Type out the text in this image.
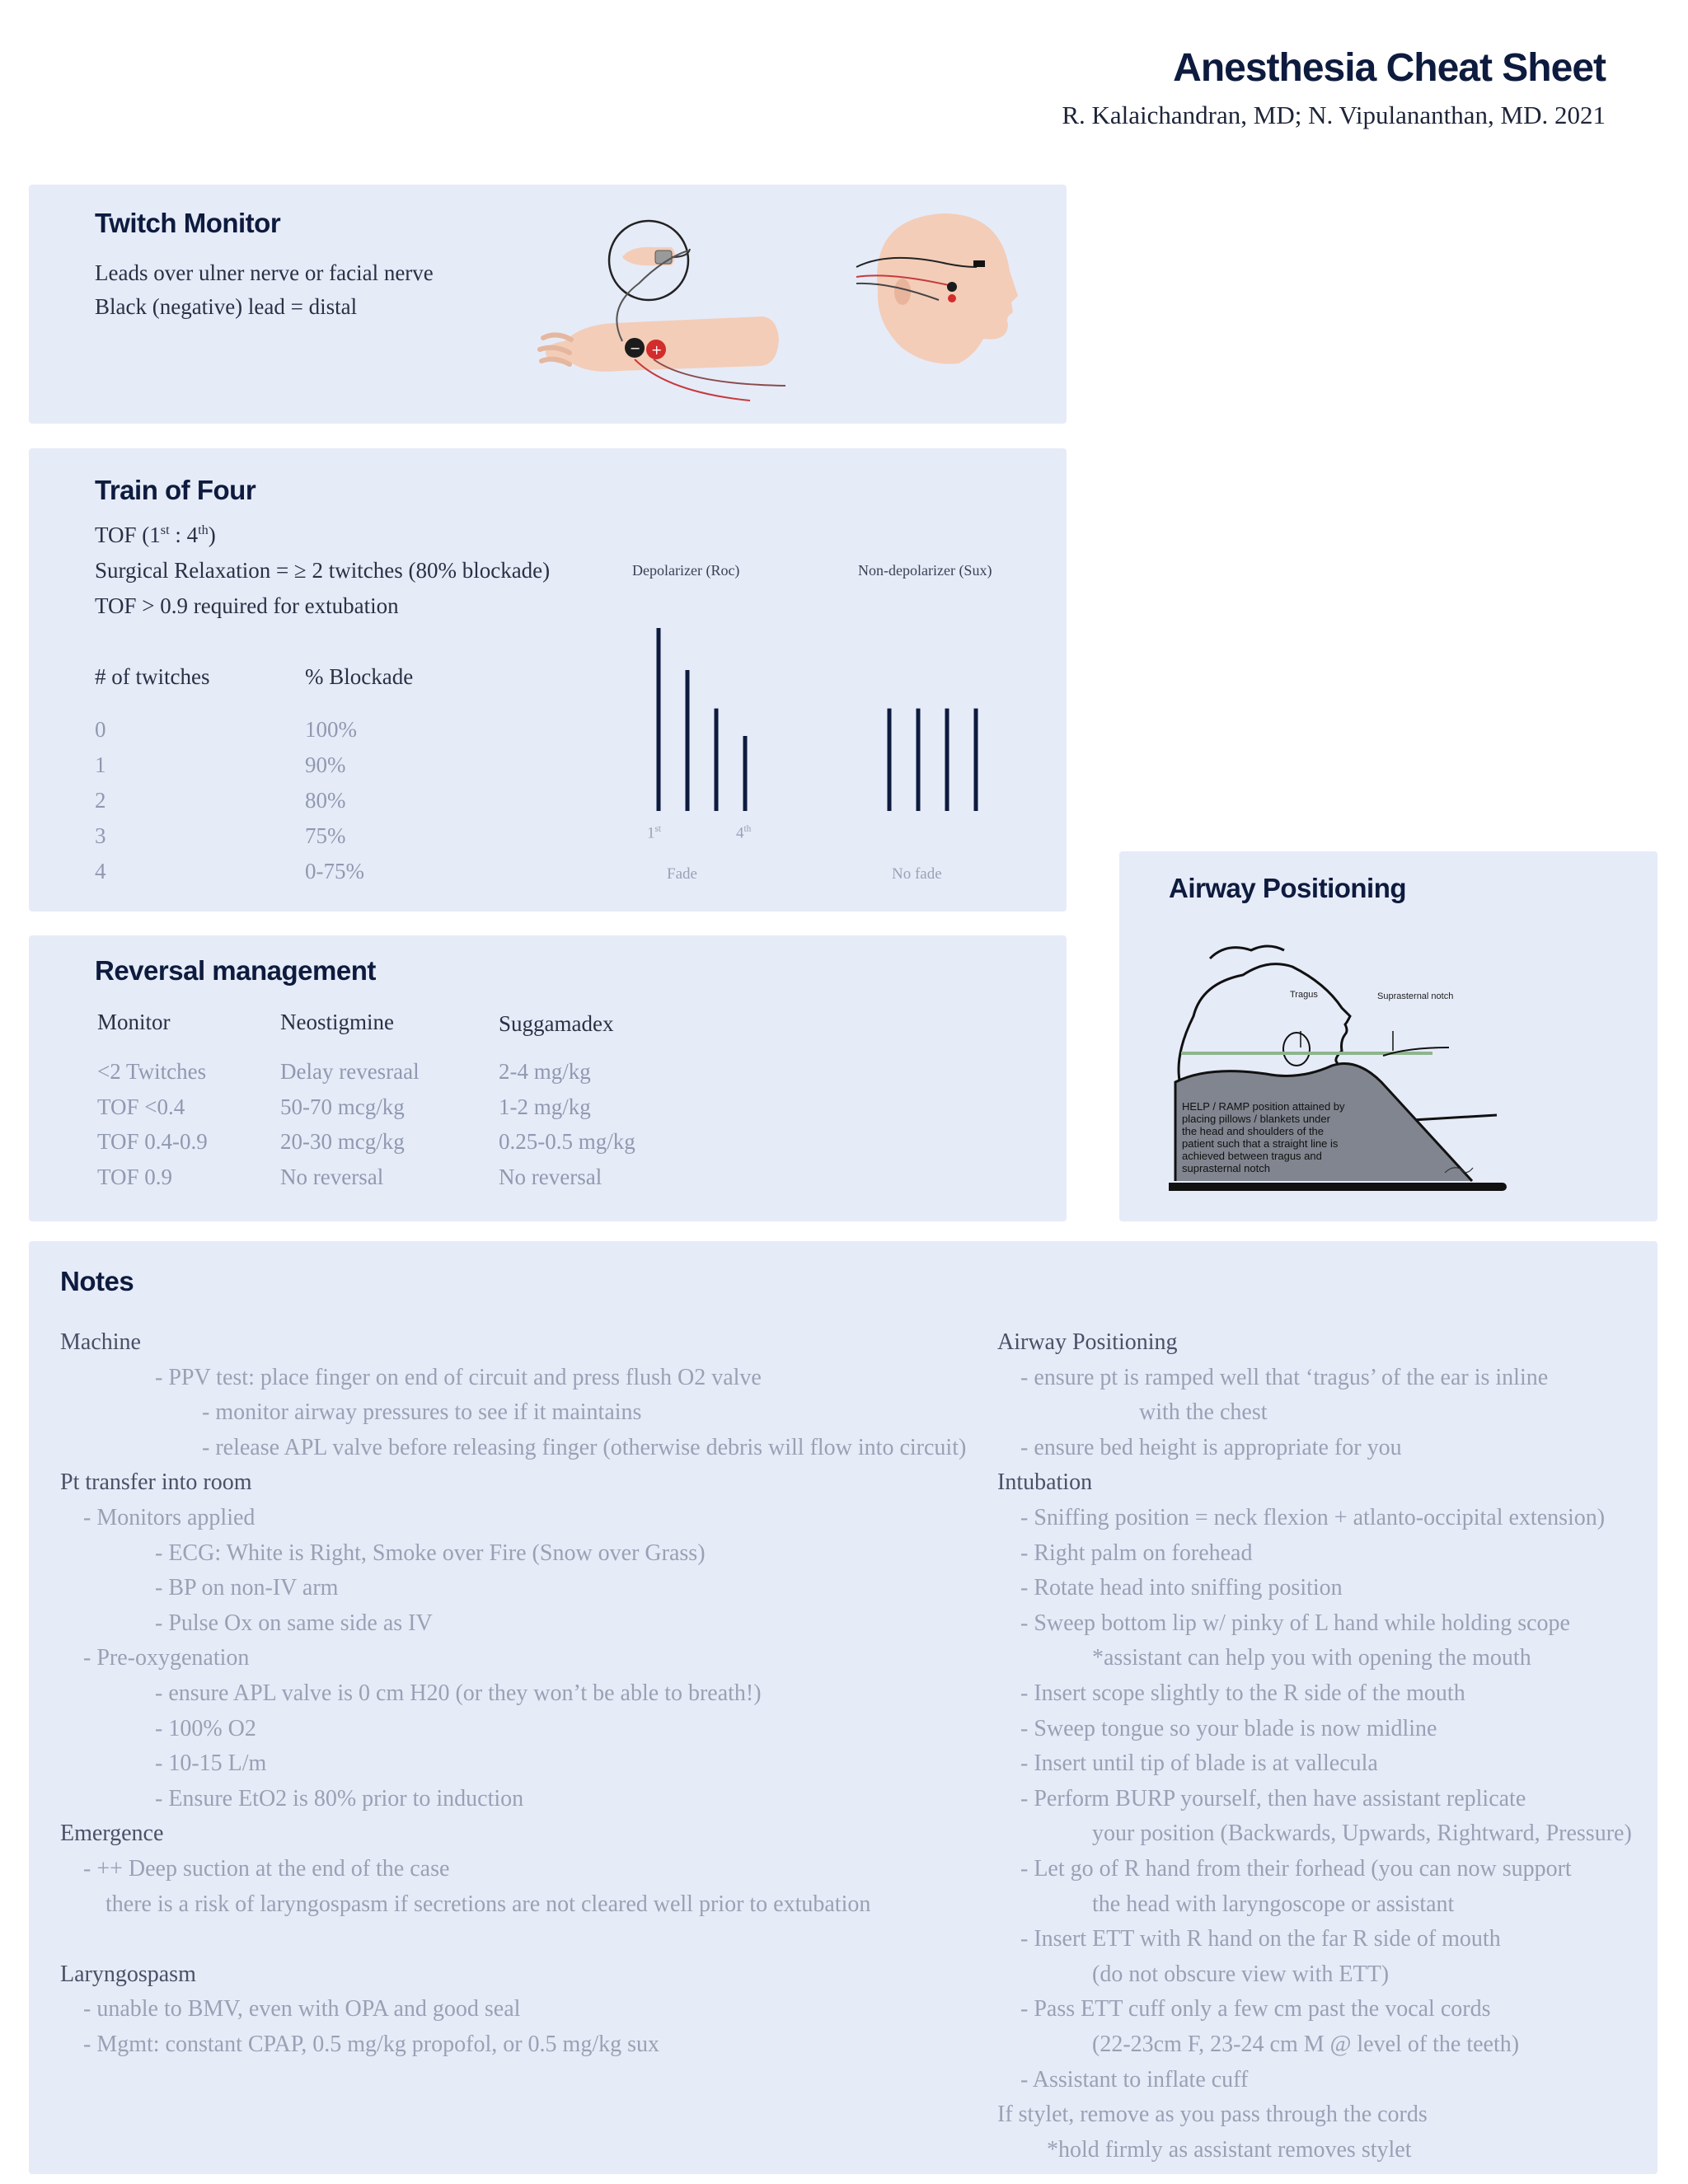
Anesthesia Cheat Sheet
R. Kalaichandran, MD; N. Vipulananthan, MD. 2021
Twitch Monitor
Leads over ulner nerve or facial nerve
Black (negative) lead = distal
− +
Train of Four
TOF (1st : 4th)
Surgical Relaxation = ≥ 2 twitches (80% blockade)
TOF > 0.9 required for extubation
# of twitches	% Blockade
0	100%
1	90%
2	80%
3	75%
4	0-75%
Depolarizer (Roc)	Non-depolarizer (Sux)
1st	4th
Fade	No fade
Reversal management
Monitor	Neostigmine	Suggamadex
<2 Twitches	Delay revesraal	2-4 mg/kg
TOF <0.4	50-70 mcg/kg	1-2 mg/kg
TOF 0.4-0.9	20-30 mcg/kg	0.25-0.5 mg/kg
TOF 0.9	No reversal	No reversal
Airway Positioning
Tragus	Suprasternal notch
HELP / RAMP position attained by
placing pillows / blankets under
the head and shoulders of the
patient such that a straight line is
achieved between tragus and
suprasternal notch
Notes
Machine
- PPV test: place finger on end of circuit and press flush O2 valve
- monitor airway pressures to see if it maintains
- release APL valve before releasing finger (otherwise debris will flow into circuit)
Pt transfer into room
- Monitors applied
- ECG: White is Right, Smoke over Fire (Snow over Grass)
- BP on non-IV arm
- Pulse Ox on same side as IV
- Pre-oxygenation
- ensure APL valve is 0 cm H20 (or they won’t be able to breath!)
- 100% O2
- 10-15 L/m
- Ensure EtO2 is 80% prior to induction
Emergence
- ++ Deep suction at the end of the case
there is a risk of laryngospasm if secretions are not cleared well prior to extubation
Laryngospasm
- unable to BMV, even with OPA and good seal
- Mgmt: constant CPAP, 0.5 mg/kg propofol, or 0.5 mg/kg sux
Airway Positioning
- ensure pt is ramped well that ‘tragus’ of the ear is inline
with the chest
- ensure bed height is appropriate for you
Intubation
- Sniffing position = neck flexion + atlanto-occipital extension)
- Right palm on forehead
- Rotate head into sniffing position
- Sweep bottom lip w/ pinky of L hand while holding scope
*assistant can help you with opening the mouth
- Insert scope slightly to the R side of the mouth
- Sweep tongue so your blade is now midline
- Insert until tip of blade is at vallecula
- Perform BURP yourself, then have assistant replicate
your position (Backwards, Upwards, Rightward, Pressure)
- Let go of R hand from their forhead (you can now support
the head with laryngoscope or assistant
- Insert ETT with R hand on the far R side of mouth
(do not obscure view with ETT)
- Pass ETT cuff only a few cm past the vocal cords
(22-23cm F, 23-24 cm M @ level of the teeth)
- Assistant to inflate cuff
If stylet, remove as you pass through the cords
*hold firmly as assistant removes stylet
